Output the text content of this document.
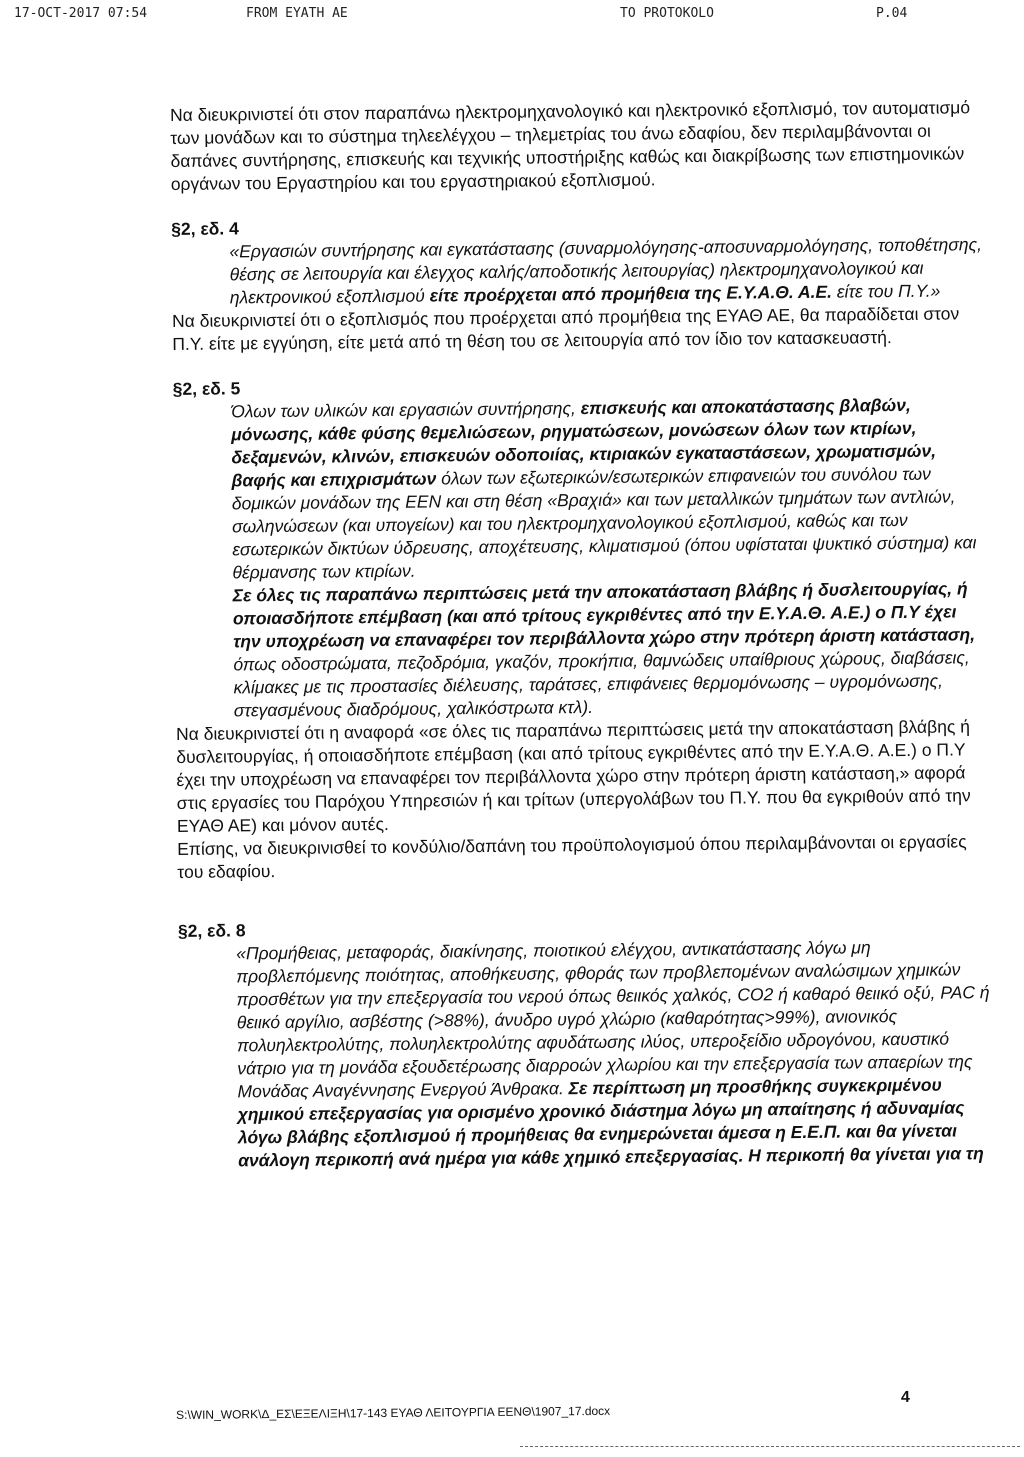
17-OCT-2017 07:54	FROM EYATH AE	TO PROTOKOLO	P.04

Να διευκρινιστεί ότι στον παραπάνω ηλεκτρομηχανολογικό και ηλεκτρονικό εξοπλισμό, τον αυτοματισμό των μονάδων και το σύστημα τηλεελέγχου – τηλεμετρίας του άνω εδαφίου, δεν περιλαμβάνονται οι δαπάνες συντήρησης, επισκευής και τεχνικής υποστήριξης καθώς και διακρίβωσης των επιστημονικών οργάνων του Εργαστηρίου και του εργαστηριακού εξοπλισμού.

§2, εδ. 4

«Εργασιών συντήρησης και εγκατάστασης (συναρμολόγησης-αποσυναρμολόγησης, τοποθέτησης, θέσης σε λειτουργία και έλεγχος καλής/αποδοτικής λειτουργίας) ηλεκτρομηχανολογικού και ηλεκτρονικού εξοπλισμού είτε προέρχεται από προμήθεια της Ε.Υ.Α.Θ. Α.Ε. είτε του Π.Υ.»

Να διευκρινιστεί ότι ο εξοπλισμός που προέρχεται από προμήθεια της ΕΥΑΘ ΑΕ, θα παραδίδεται στον Π.Υ. είτε με εγγύηση, είτε μετά από τη θέση του σε λειτουργία από τον ίδιο τον κατασκευαστή.

§2, εδ. 5

Όλων των υλικών και εργασιών συντήρησης, επισκευής και αποκατάστασης βλαβών, μόνωσης, κάθε φύσης θεμελιώσεων, ρηγματώσεων, μονώσεων όλων των κτιρίων, δεξαμενών, κλινών, επισκευών οδοποιίας, κτιριακών εγκαταστάσεων, χρωματισμών, βαφής και επιχρισμάτων όλων των εξωτερικών/εσωτερικών επιφανειών του συνόλου των δομικών μονάδων της ΕΕΝ και στη θέση «Βραχιά» και των μεταλλικών τμημάτων των αντλιών, σωληνώσεων (και υπογείων) και του ηλεκτρομηχανολογικού εξοπλισμού, καθώς και των εσωτερικών δικτύων ύδρευσης, αποχέτευσης, κλιματισμού (όπου υφίσταται ψυκτικό σύστημα) και θέρμανσης των κτιρίων.

Σε όλες τις παραπάνω περιπτώσεις μετά την αποκατάσταση βλάβης ή δυσλειτουργίας, ή οποιασδήποτε επέμβαση (και από τρίτους εγκριθέντες από την Ε.Υ.Α.Θ. Α.Ε.) ο Π.Υ έχει την υποχρέωση να επαναφέρει τον περιβάλλοντα χώρο στην πρότερη άριστη κατάσταση, όπως οδοστρώματα, πεζοδρόμια, γκαζόν, προκήπια, θαμνώδεις υπαίθριους χώρους, διαβάσεις, κλίμακες με τις προστασίες διέλευσης, ταράτσες, επιφάνειες θερμομόνωσης – υγρομόνωσης, στεγασμένους διαδρόμους, χαλικόστρωτα κτλ).

Να διευκρινιστεί ότι η αναφορά «σε όλες τις παραπάνω περιπτώσεις μετά την αποκατάσταση βλάβης ή δυσλειτουργίας, ή οποιασδήποτε επέμβαση (και από τρίτους εγκριθέντες από την Ε.Υ.Α.Θ. Α.Ε.) ο Π.Υ έχει την υποχρέωση να επαναφέρει τον περιβάλλοντα χώρο στην πρότερη άριστη κατάσταση,» αφορά στις εργασίες του Παρόχου Υπηρεσιών ή και τρίτων (υπεργολάβων του Π.Υ. που θα εγκριθούν από την ΕΥΑΘ ΑΕ) και μόνον αυτές.

Επίσης, να διευκρινισθεί το κονδύλιο/δαπάνη του προϋπολογισμού όπου περιλαμβάνονται οι εργασίες του εδαφίου.

§2, εδ. 8

«Προμήθειας, μεταφοράς, διακίνησης, ποιοτικού ελέγχου, αντικατάστασης λόγω μη προβλεπόμενης ποιότητας, αποθήκευσης, φθοράς των προβλεπομένων αναλώσιμων χημικών προσθέτων για την επεξεργασία του νερού όπως θειικός χαλκός, CO2 ή καθαρό θειικό οξύ, PAC ή θειικό αργίλιο, ασβέστης (>88%), άνυδρο υγρό χλώριο (καθαρότητας>99%), ανιονικός πολυηλεκτρολύτης, πολυηλεκτρολύτης αφυδάτωσης ιλύος, υπεροξείδιο υδρογόνου, καυστικό νάτριο για τη μονάδα εξουδετέρωσης διαρροών χλωρίου και την επεξεργασία των απαερίων της Μονάδας Αναγέννησης Ενεργού Άνθρακα. Σε περίπτωση μη προσθήκης συγκεκριμένου χημικού επεξεργασίας για ορισμένο χρονικό διάστημα λόγω μη απαίτησης ή αδυναμίας λόγω βλάβης εξοπλισμού ή προμήθειας θα ενημερώνεται άμεσα η Ε.Ε.Π. και θα γίνεται ανάλογη περικοπή ανά ημέρα για κάθε χημικό επεξεργασίας. Η περικοπή θα γίνεται για τη

S:\WIN_WORK\Δ_ΕΣ\ΕΞΕΛΙΞΗ\17-143 ΕΥΑΘ ΛΕΙΤΟΥΡΓΙΑ ΕΕΝΘ\1907_17.docx
4
